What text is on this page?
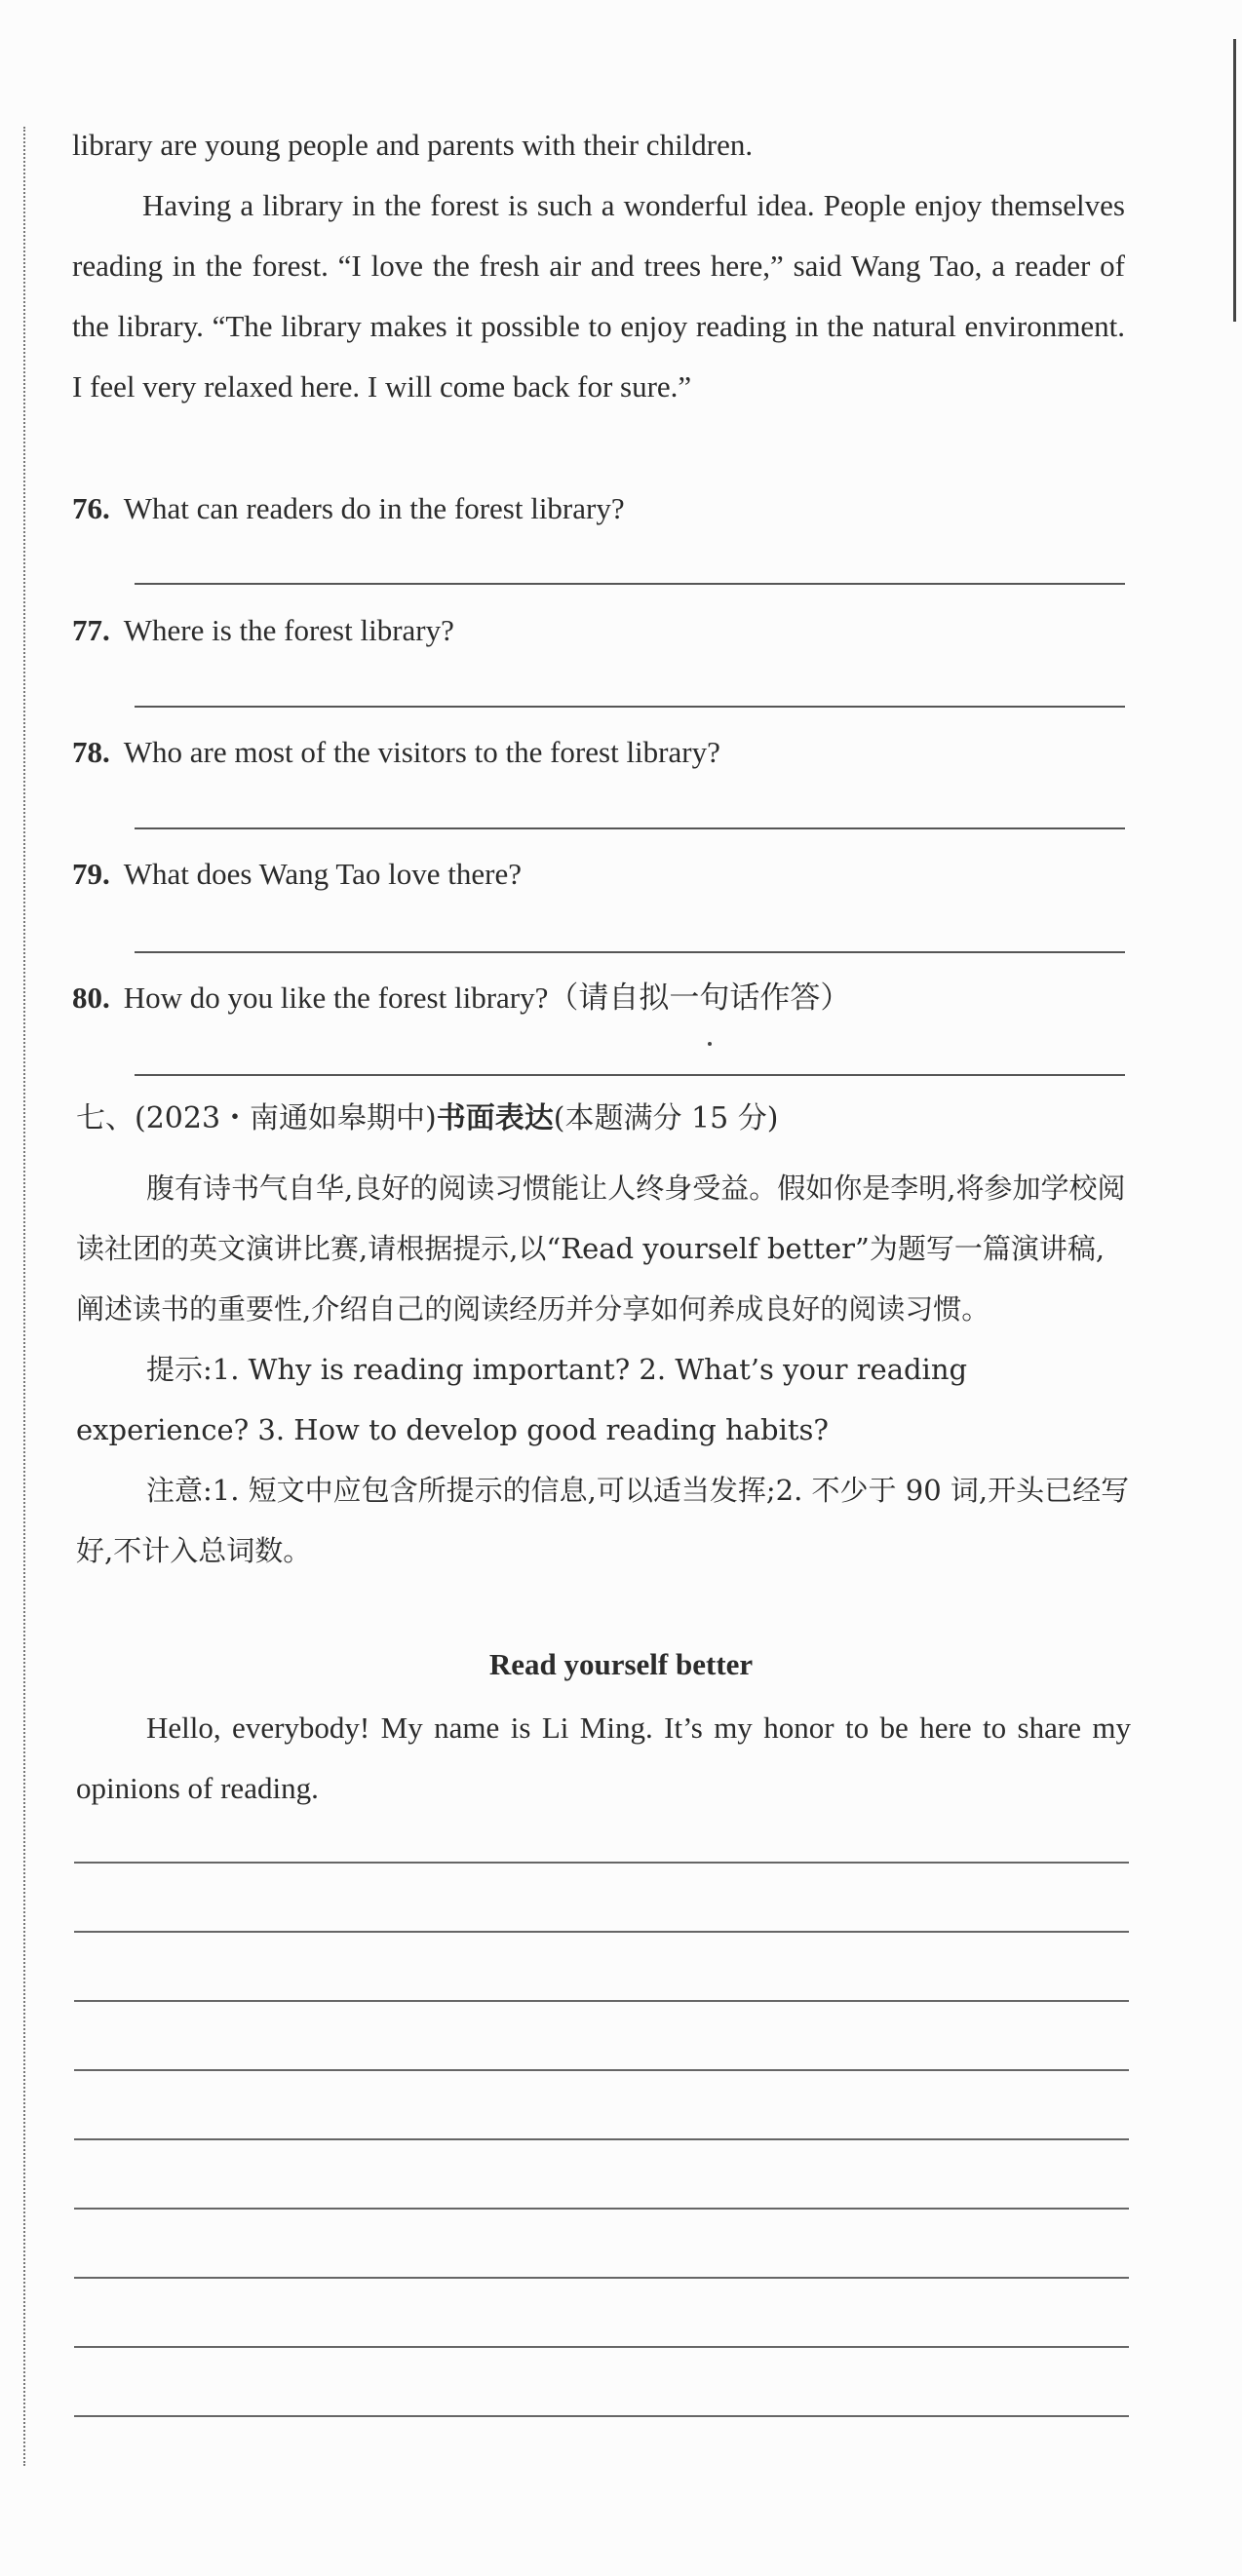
library are young people and parents with their children.

Having a library in the forest is such a wonderful idea. People enjoy themselves reading in the forest. “I love the fresh air and trees here,” said Wang Tao, a reader of the library. “The library makes it possible to enjoy reading in the natural environment. I feel very relaxed here. I will come back for sure.”

76. What can readers do in the forest library?
77. Where is the forest library?
78. Who are most of the visitors to the forest library?
79. What does Wang Tao love there?
80. How do you like the forest library?（请自拟一句话作答）
七、(2023・南通如皋期中)书面表达(本题满分 15 分)

腹有诗书气自华,良好的阅读习惯能让人终身受益。假如你是李明,将参加学校阅读社团的英文演讲比赛,请根据提示,以“Read yourself better”为题写一篇演讲稿,阐述读书的重要性,介绍自己的阅读经历并分享如何养成良好的阅读习惯。

提示:1. Why is reading important? 2. What’s your reading experience? 3. How to develop good reading habits?

注意:1. 短文中应包含所提示的信息,可以适当发挥;2. 不少于 90 词,开头已经写好,不计入总词数。

Read yourself better

Hello, everybody! My name is Li Ming. It’s my honor to be here to share my opinions of reading.
